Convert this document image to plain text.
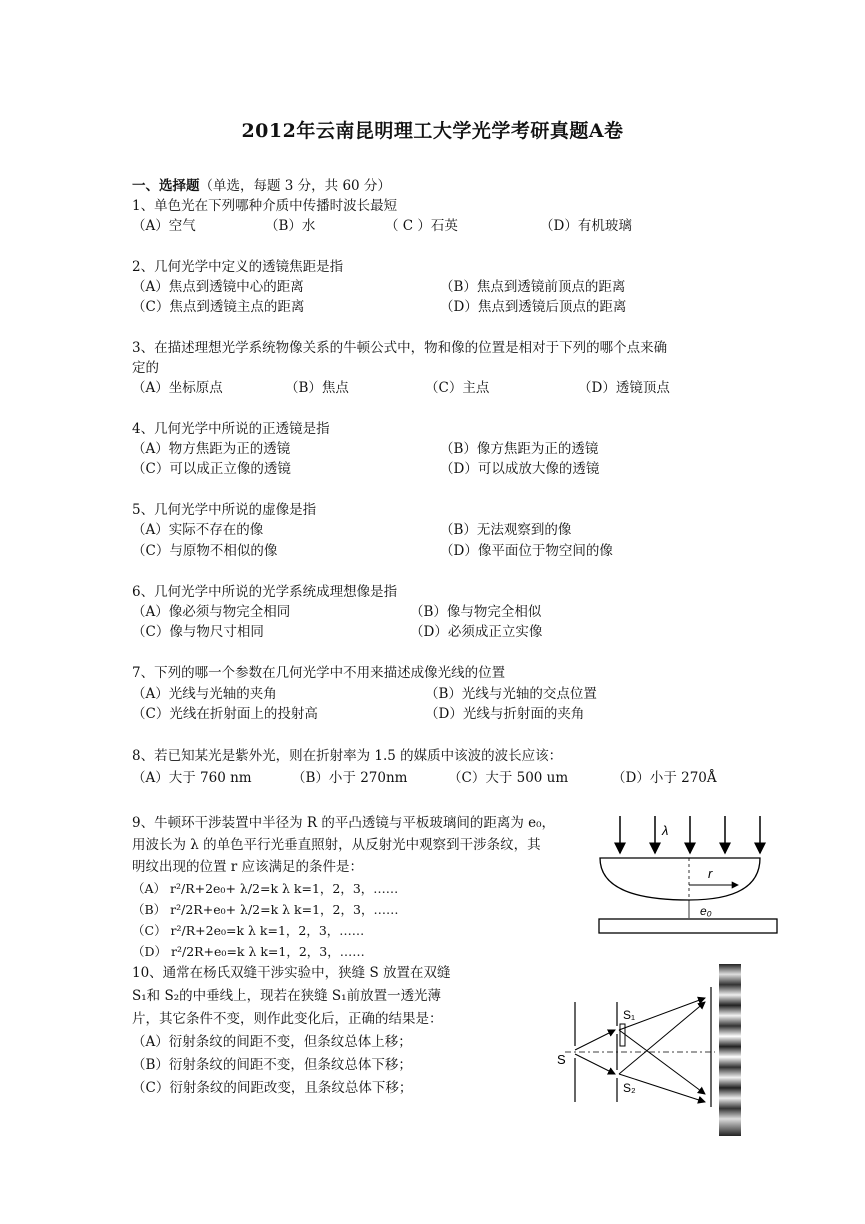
2012年云南昆明理工大学光学考研真题A卷
一、选择题（单选，每题 3 分，共 60 分）
1、单色光在下列哪种介质中传播时波长最短
（A）空气	（B）水	（ C ）石英	（D）有机玻璃
2、几何光学中定义的透镜焦距是指
（A）焦点到透镜中心的距离	（B）焦点到透镜前顶点的距离
（C）焦点到透镜主点的距离	（D）焦点到透镜后顶点的距离
3、在描述理想光学系统物像关系的牛顿公式中，物和像的位置是相对于下列的哪个点来确
定的
（A）坐标原点	（B）焦点	（C）主点	（D）透镜顶点
4、几何光学中所说的正透镜是指
（A）物方焦距为正的透镜	（B）像方焦距为正的透镜
（C）可以成正立像的透镜	（D）可以成放大像的透镜
5、几何光学中所说的虚像是指
（A）实际不存在的像	（B）无法观察到的像
（C）与原物不相似的像	（D）像平面位于物空间的像
6、几何光学中所说的光学系统成理想像是指
（A）像必须与物完全相同	（B）像与物完全相似
（C）像与物尺寸相同	（D）必须成正立实像
7、下列的哪一个参数在几何光学中不用来描述成像光线的位置
（A）光线与光轴的夹角	（B）光线与光轴的交点位置
（C）光线在折射面上的投射高	（D）光线与折射面的夹角
8、若已知某光是紫外光，则在折射率为 1.5 的媒质中该波的波长应该：
（A）大于 760 nm	（B）小于 270nm	（C）大于 500 um	（D）小于 270Å
9、牛顿环干涉装置中半径为 R 的平凸透镜与平板玻璃间的距离为 e₀，
用波长为 λ 的单色平行光垂直照射，从反射光中观察到干涉条纹，其
明纹出现的位置 r 应该满足的条件是：
（A） r²/R+2e₀+ λ/2=k λ k=1，2，3，……
（B） r²/2R+e₀+ λ/2=k λ k=1，2，3，……
（C） r²/R+2e₀=k λ k=1，2，3，……
（D） r²/2R+e₀=k λ k=1，2，3，……
10、通常在杨氏双缝干涉实验中，狭缝 S 放置在双缝
S₁和 S₂的中垂线上，现若在狭缝 S₁前放置一透光薄
片，其它条件不变，则作此变化后，正确的结果是：
（A）衍射条纹的间距不变，但条纹总体上移；
（B）衍射条纹的间距不变，但条纹总体下移；
（C）衍射条纹的间距改变，且条纹总体下移；
λ
r
e₀
S
S₁
S₂
